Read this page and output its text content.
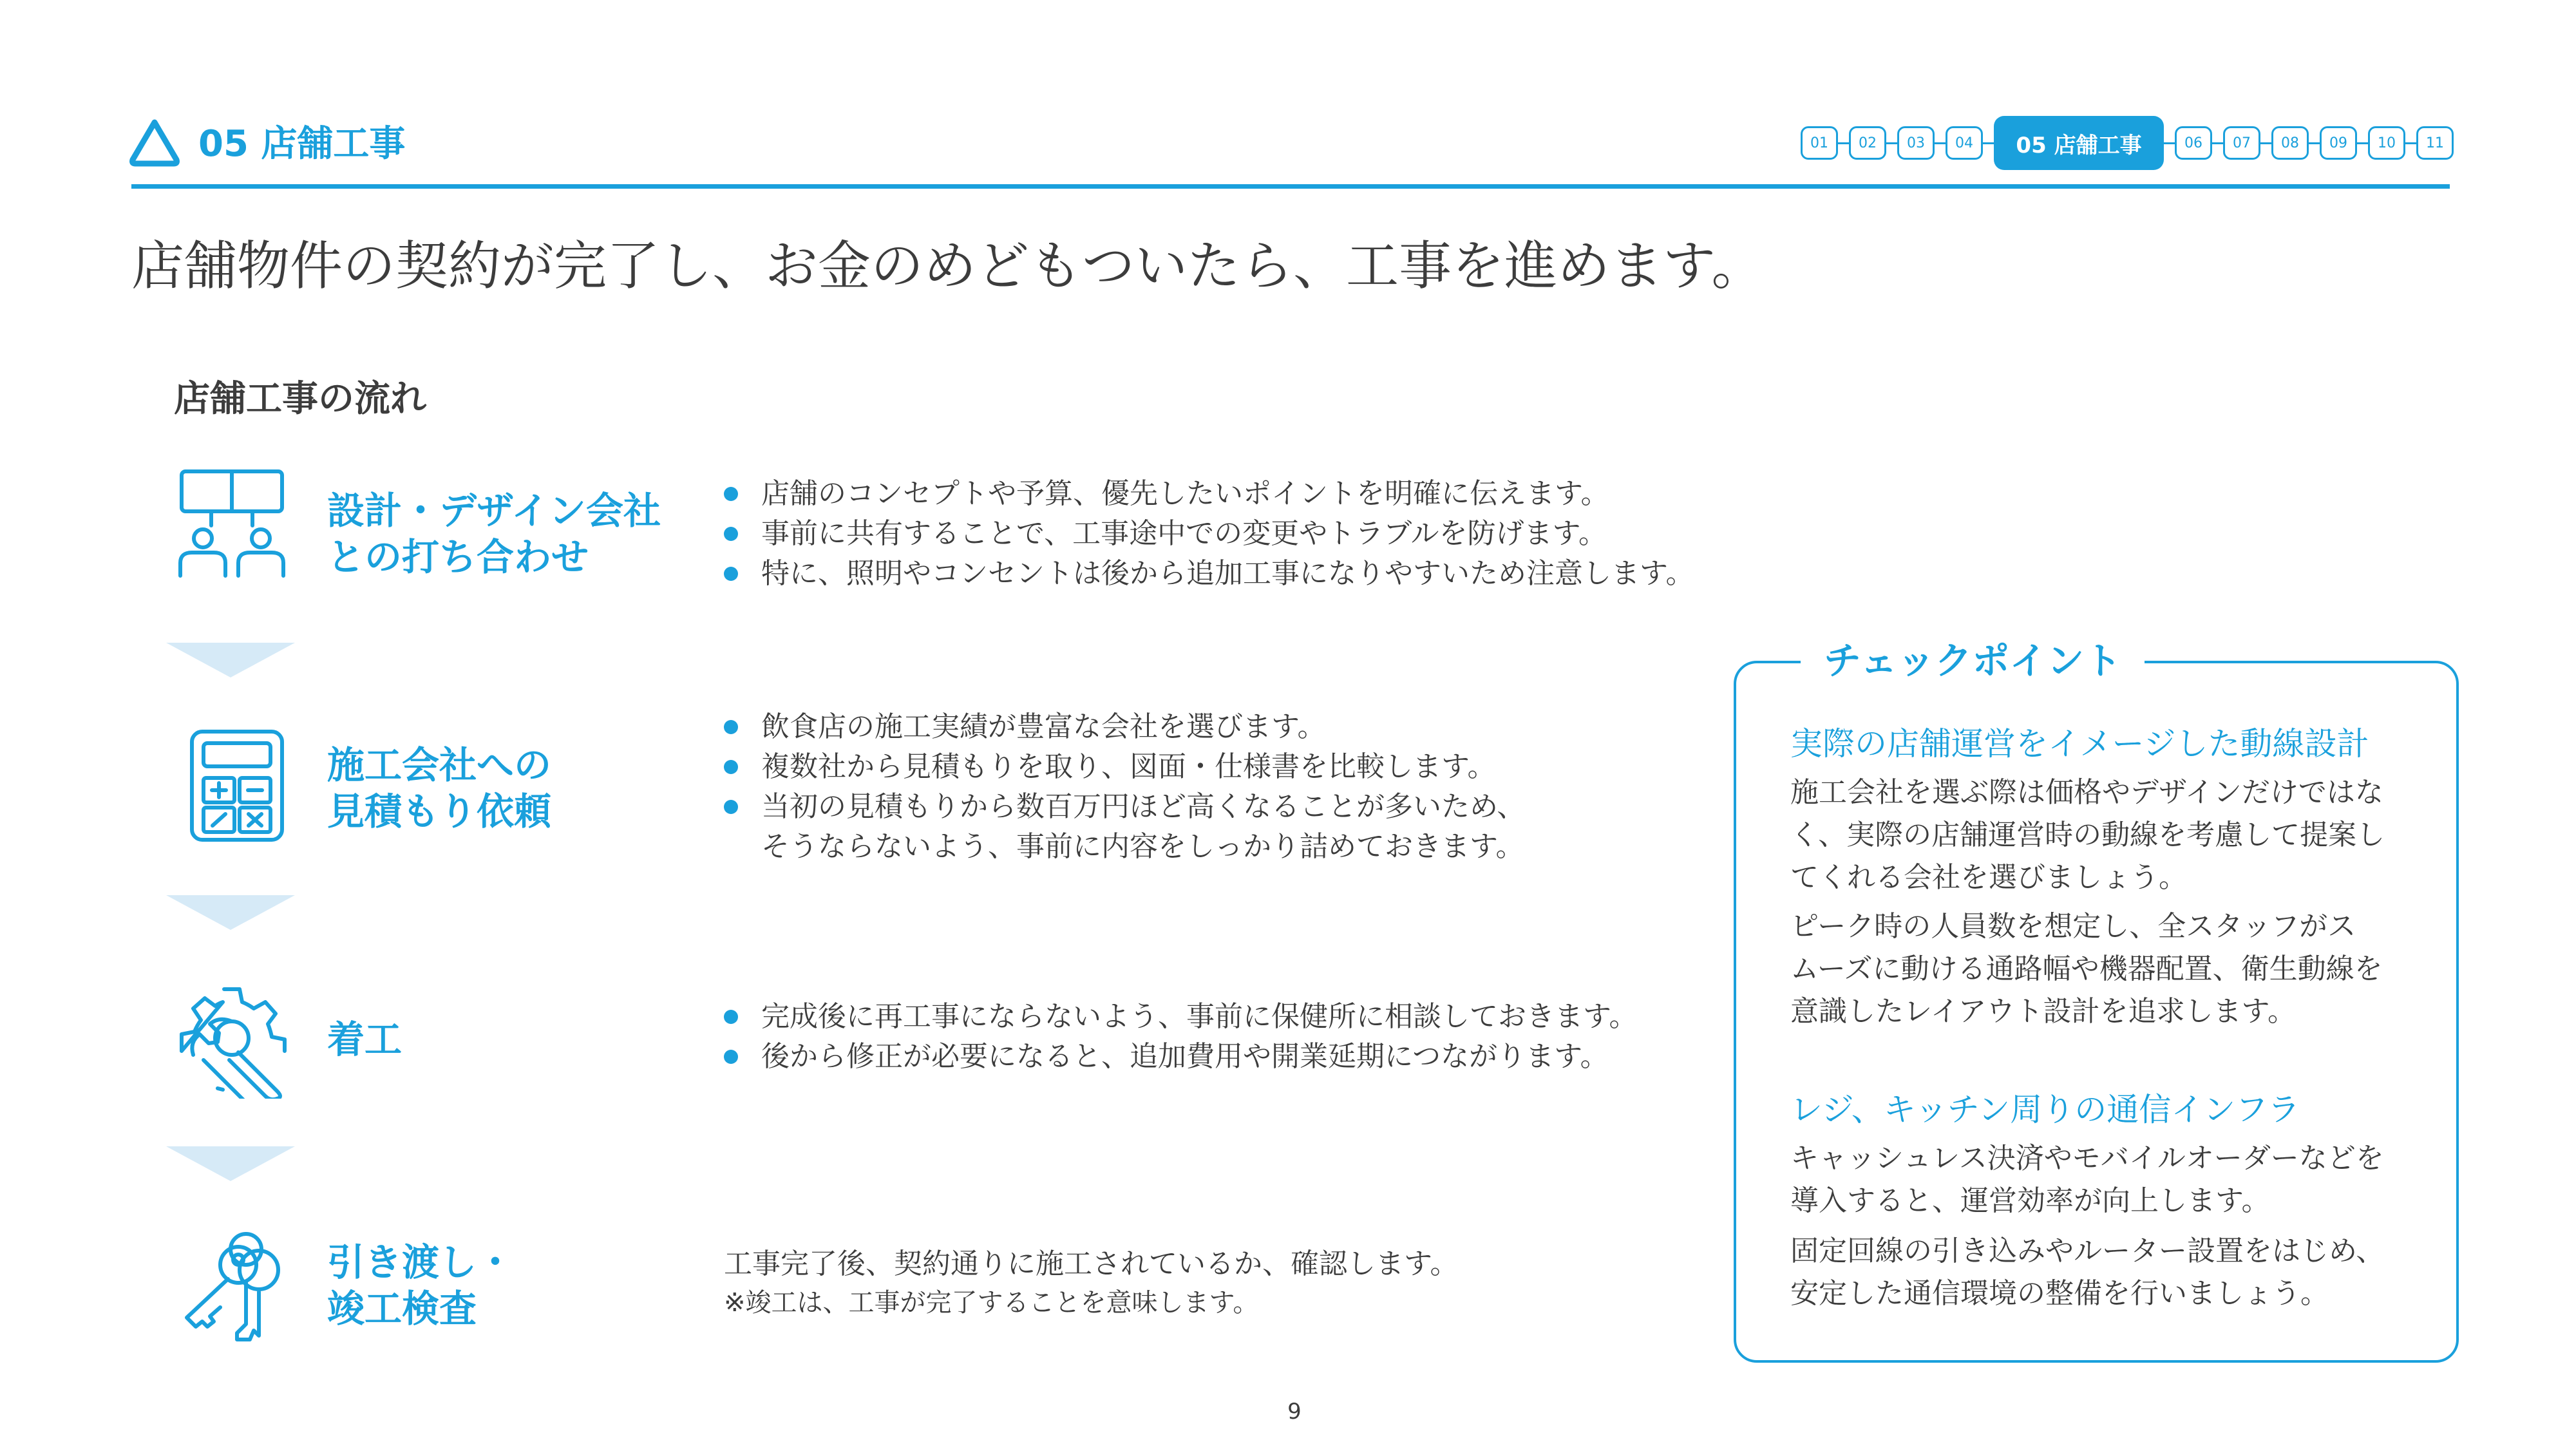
05 店舗工事	01	02	03	04	05 店舗工事	06	07	08	09	10	11
店舗物件の契約が完了し、お金のめどもついたら、工事を進めます。
店舗工事の流れ
設計・デザイン会社
との打ち合わせ
店舗のコンセプトや予算、優先したいポイントを明確に伝えます。
事前に共有することで、工事途中での変更やトラブルを防げます。
特に、照明やコンセントは後から追加工事になりやすいため注意します。
施工会社への
見積もり依頼
飲食店の施工実績が豊富な会社を選びます。
複数社から見積もりを取り、図面・仕様書を比較します。
当初の見積もりから数百万円ほど高くなることが多いため、
そうならないよう、事前に内容をしっかり詰めておきます。
着工
完成後に再工事にならないよう、事前に保健所に相談しておきます。
後から修正が必要になると、追加費用や開業延期につながります。
引き渡し・
竣工検査
工事完了後、契約通りに施工されているか、確認します。
※竣工は、工事が完了することを意味します。
チェックポイント
実際の店舗運営をイメージした動線設計
施工会社を選ぶ際は価格やデザインだけではな
く、実際の店舗運営時の動線を考慮して提案し
てくれる会社を選びましょう。
ピーク時の人員数を想定し、全スタッフがス
ムーズに動ける通路幅や機器配置、衛生動線を
意識したレイアウト設計を追求します。
レジ、キッチン周りの通信インフラ
キャッシュレス決済やモバイルオーダーなどを
導入すると、運営効率が向上します。
固定回線の引き込みやルーター設置をはじめ、
安定した通信環境の整備を行いましょう。
9
